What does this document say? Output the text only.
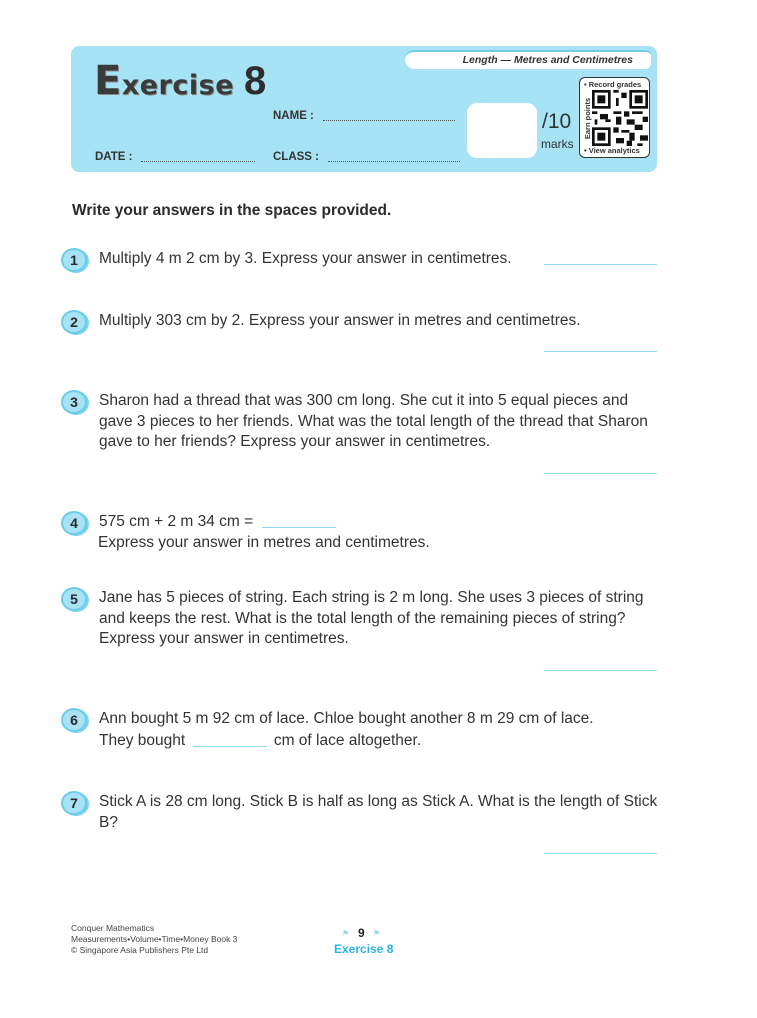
Length — Metres and Centimetres
Exercise 8
NAME :
DATE :	CLASS :
/10
marks
• Record grades
Earn points
• View analytics
Write your answers in the spaces provided.
1	Multiply 4 m 2 cm by 3. Express your answer in centimetres.
2	Multiply 303 cm by 2. Express your answer in metres and centimetres.
3	Sharon had a thread that was 300 cm long. She cut it into 5 equal pieces and gave 3 pieces to her friends. What was the total length of the thread that Sharon gave to her friends? Express your answer in centimetres.
4	575 cm + 2 m 34 cm =
Express your answer in metres and centimetres.
5	Jane has 5 pieces of string. Each string is 2 m long. She uses 3 pieces of string and keeps the rest. What is the total length of the remaining pieces of string? Express your answer in centimetres.
6	Ann bought 5 m 92 cm of lace. Chloe bought another 8 m 29 cm of lace.
They bought	cm of lace altogether.
7	Stick A is 28 cm long. Stick B is half as long as Stick A. What is the length of Stick B?
Conquer Mathematics
Measurements•Volume•Time•Money Book 3
© Singapore Asia Publishers Pte Ltd
⚑ 9 ⚑
Exercise 8
